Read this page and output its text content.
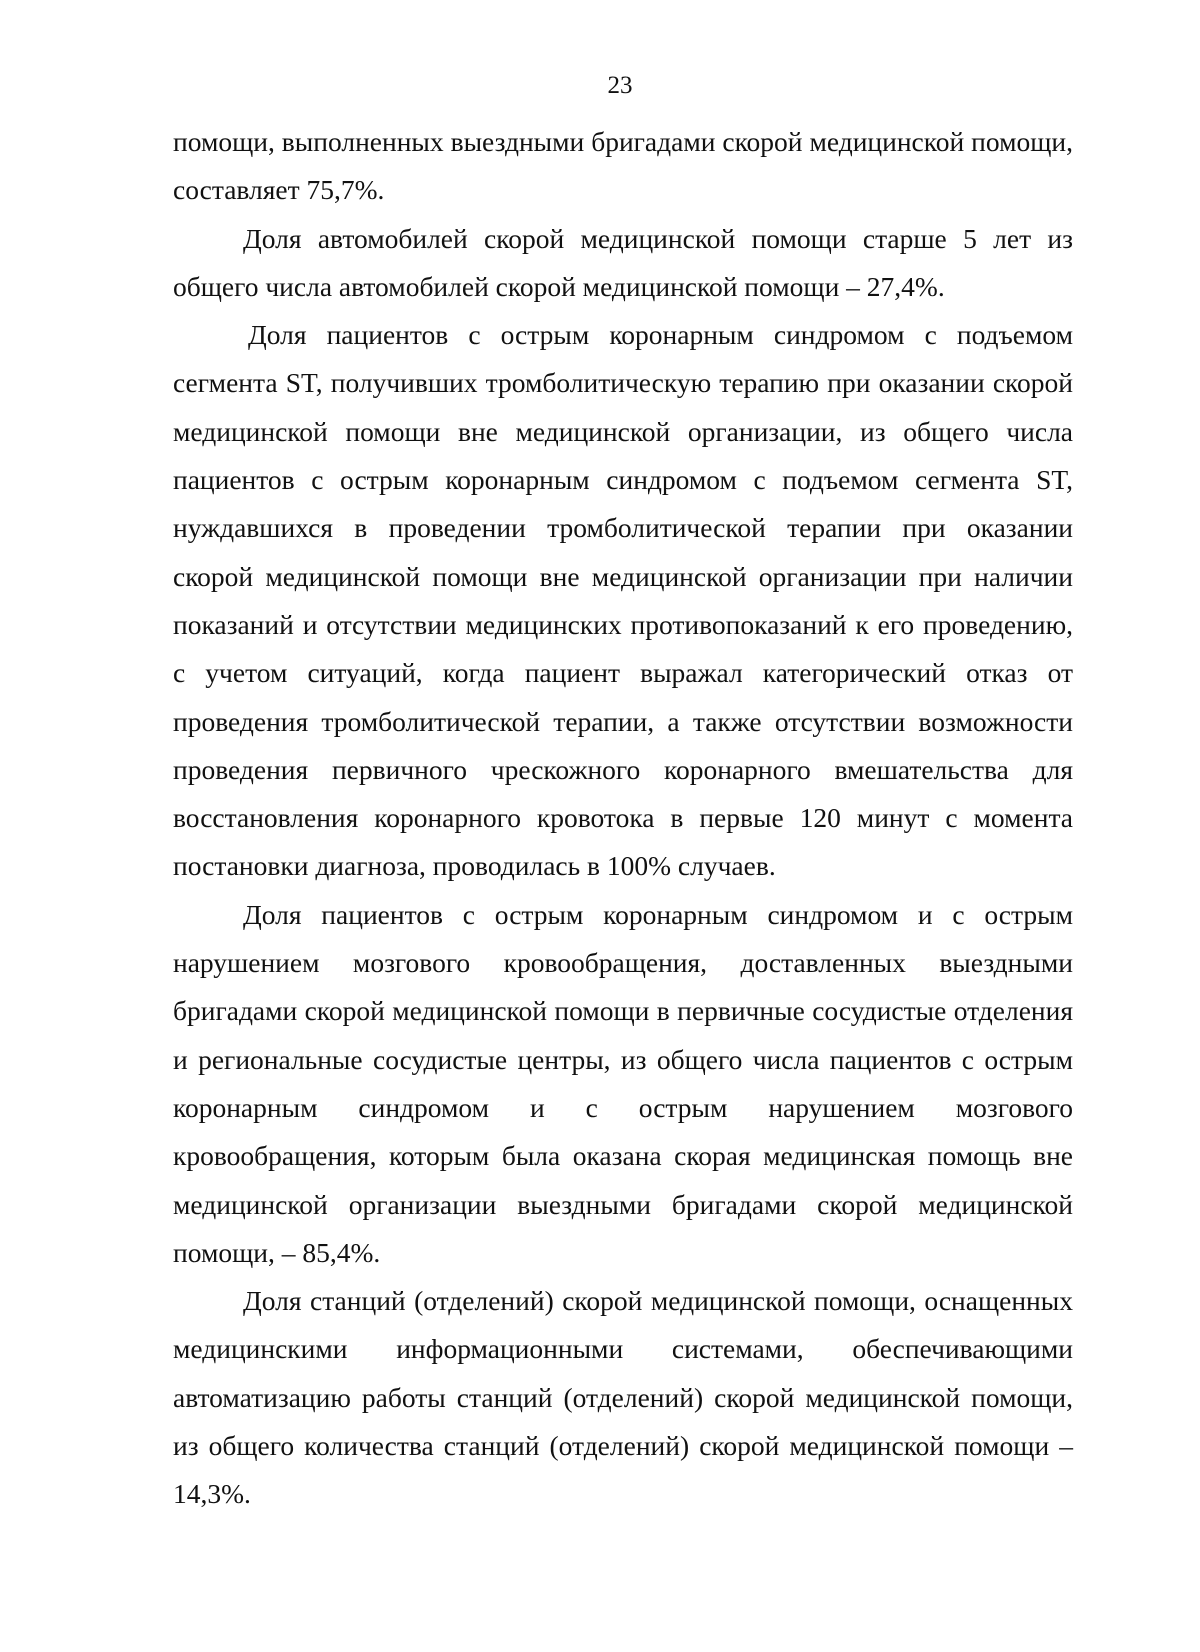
23

помощи, выполненных выездными бригадами скорой медицинской помощи, составляет 75,7%.

Доля автомобилей скорой медицинской помощи старше 5 лет из общего числа автомобилей скорой медицинской помощи – 27,4%.

Доля пациентов с острым коронарным синдромом с подъемом сегмента ST, получивших тромболитическую терапию при оказании скорой медицинской помощи вне медицинской организации, из общего числа пациентов с острым коронарным синдромом с подъемом сегмента ST, нуждавшихся в проведении тромболитической терапии при оказании скорой медицинской помощи вне медицинской организации при наличии показаний и отсутствии медицинских противопоказаний к его проведению, с учетом ситуаций, когда пациент выражал категорический отказ от проведения тромболитической терапии, а также отсутствии возможности проведения первичного чрескожного коронарного вмешательства для восстановления коронарного кровотока в первые 120 минут с момента постановки диагноза, проводилась в 100% случаев.

Доля пациентов с острым коронарным синдромом и с острым нарушением мозгового кровообращения, доставленных выездными бригадами скорой медицинской помощи в первичные сосудистые отделения и региональные сосудистые центры, из общего числа пациентов с острым коронарным синдромом и с острым нарушением мозгового кровообращения, которым была оказана скорая медицинская помощь вне медицинской организации выездными бригадами скорой медицинской помощи, – 85,4%.

Доля станций (отделений) скорой медицинской помощи, оснащенных медицинскими информационными системами, обеспечивающими автоматизацию работы станций (отделений) скорой медицинской помощи, из общего количества станций (отделений) скорой медицинской помощи – 14,3%.
